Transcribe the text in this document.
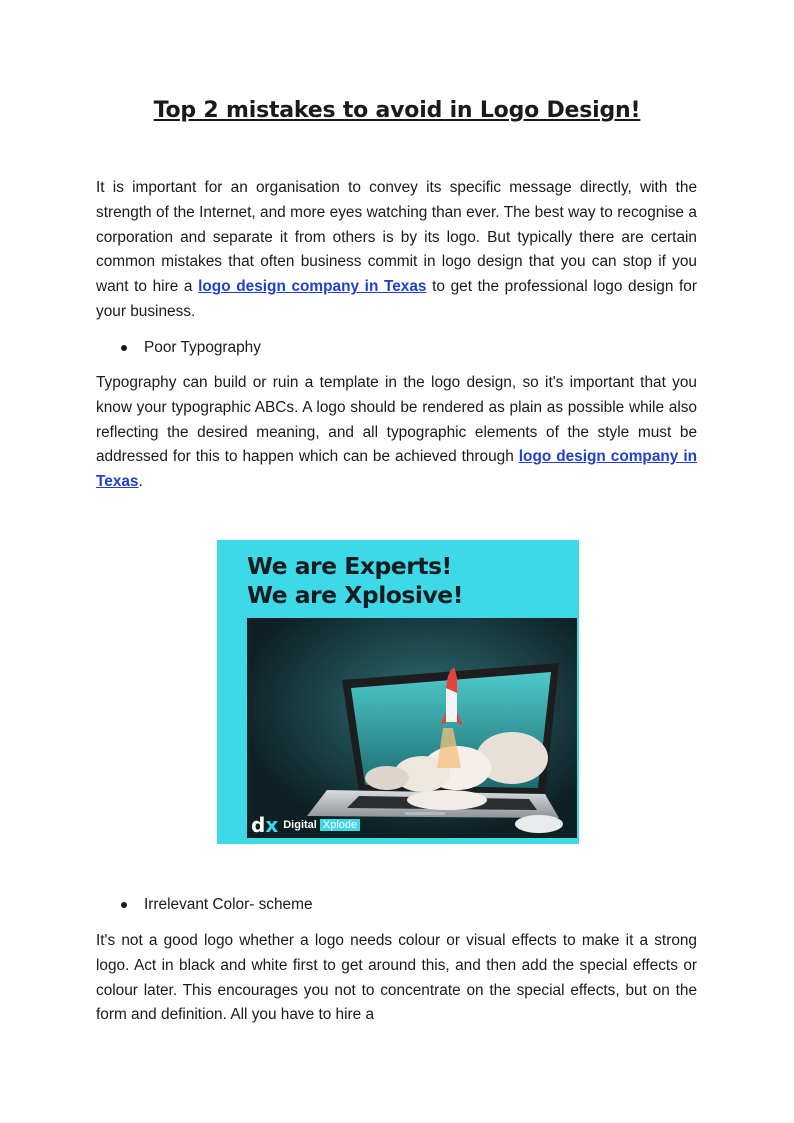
Top 2 mistakes to avoid in Logo Design!

It is important for an organisation to convey its specific message directly, with the strength of the Internet, and more eyes watching than ever. The best way to recognise a corporation and separate it from others is by its logo. But typically there are certain common mistakes that often business commit in logo design that you can stop if you want to hire a logo design company in Texas to get the professional logo design for your business.

Poor Typography

Typography can build or ruin a template in the logo design, so it's important that you know your typographic ABCs. A logo should be rendered as plain as possible while also reflecting the desired meaning, and all typographic elements of the style must be addressed for this to happen which can be achieved through logo design company in Texas.

We are Experts!
We are Xplosive!
dx Digital Xplode
Irrelevant Color- scheme

It's not a good logo whether a logo needs colour or visual effects to make it a strong logo. Act in black and white first to get around this, and then add the special effects or colour later. This encourages you not to concentrate on the special effects, but on the form and definition. All you have to hire a
